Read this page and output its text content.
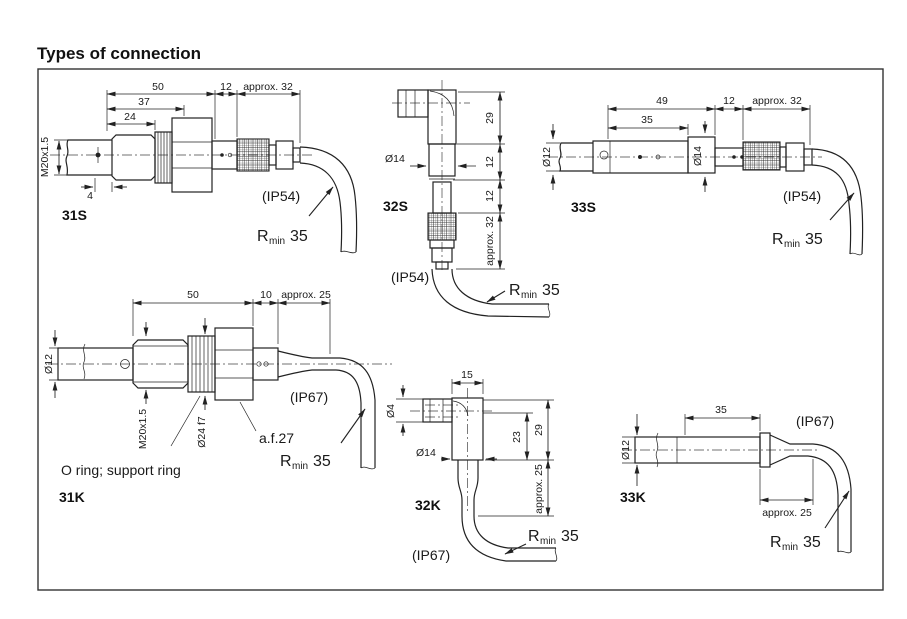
Types of connection
50	12 approx. 32
37
24
4
M20x1.5
(IP54)
R min 35
31S
29
12
12
approx. 32
Ø14
(IP54)
R min 35
32S
49	12 approx. 32
35
Ø12	Ø14
(IP54)
R min 35
33S
50	10 approx. 25
Ø12
M20x1.5	Ø24 f7	a.f.27
O ring; support ring
(IP67)
R min 35
31K
15
23
29
approx. 25
Ø4
Ø14
(IP67)
R min 35
32K
35
approx. 25
Ø12
(IP67)
R min 35
33K
